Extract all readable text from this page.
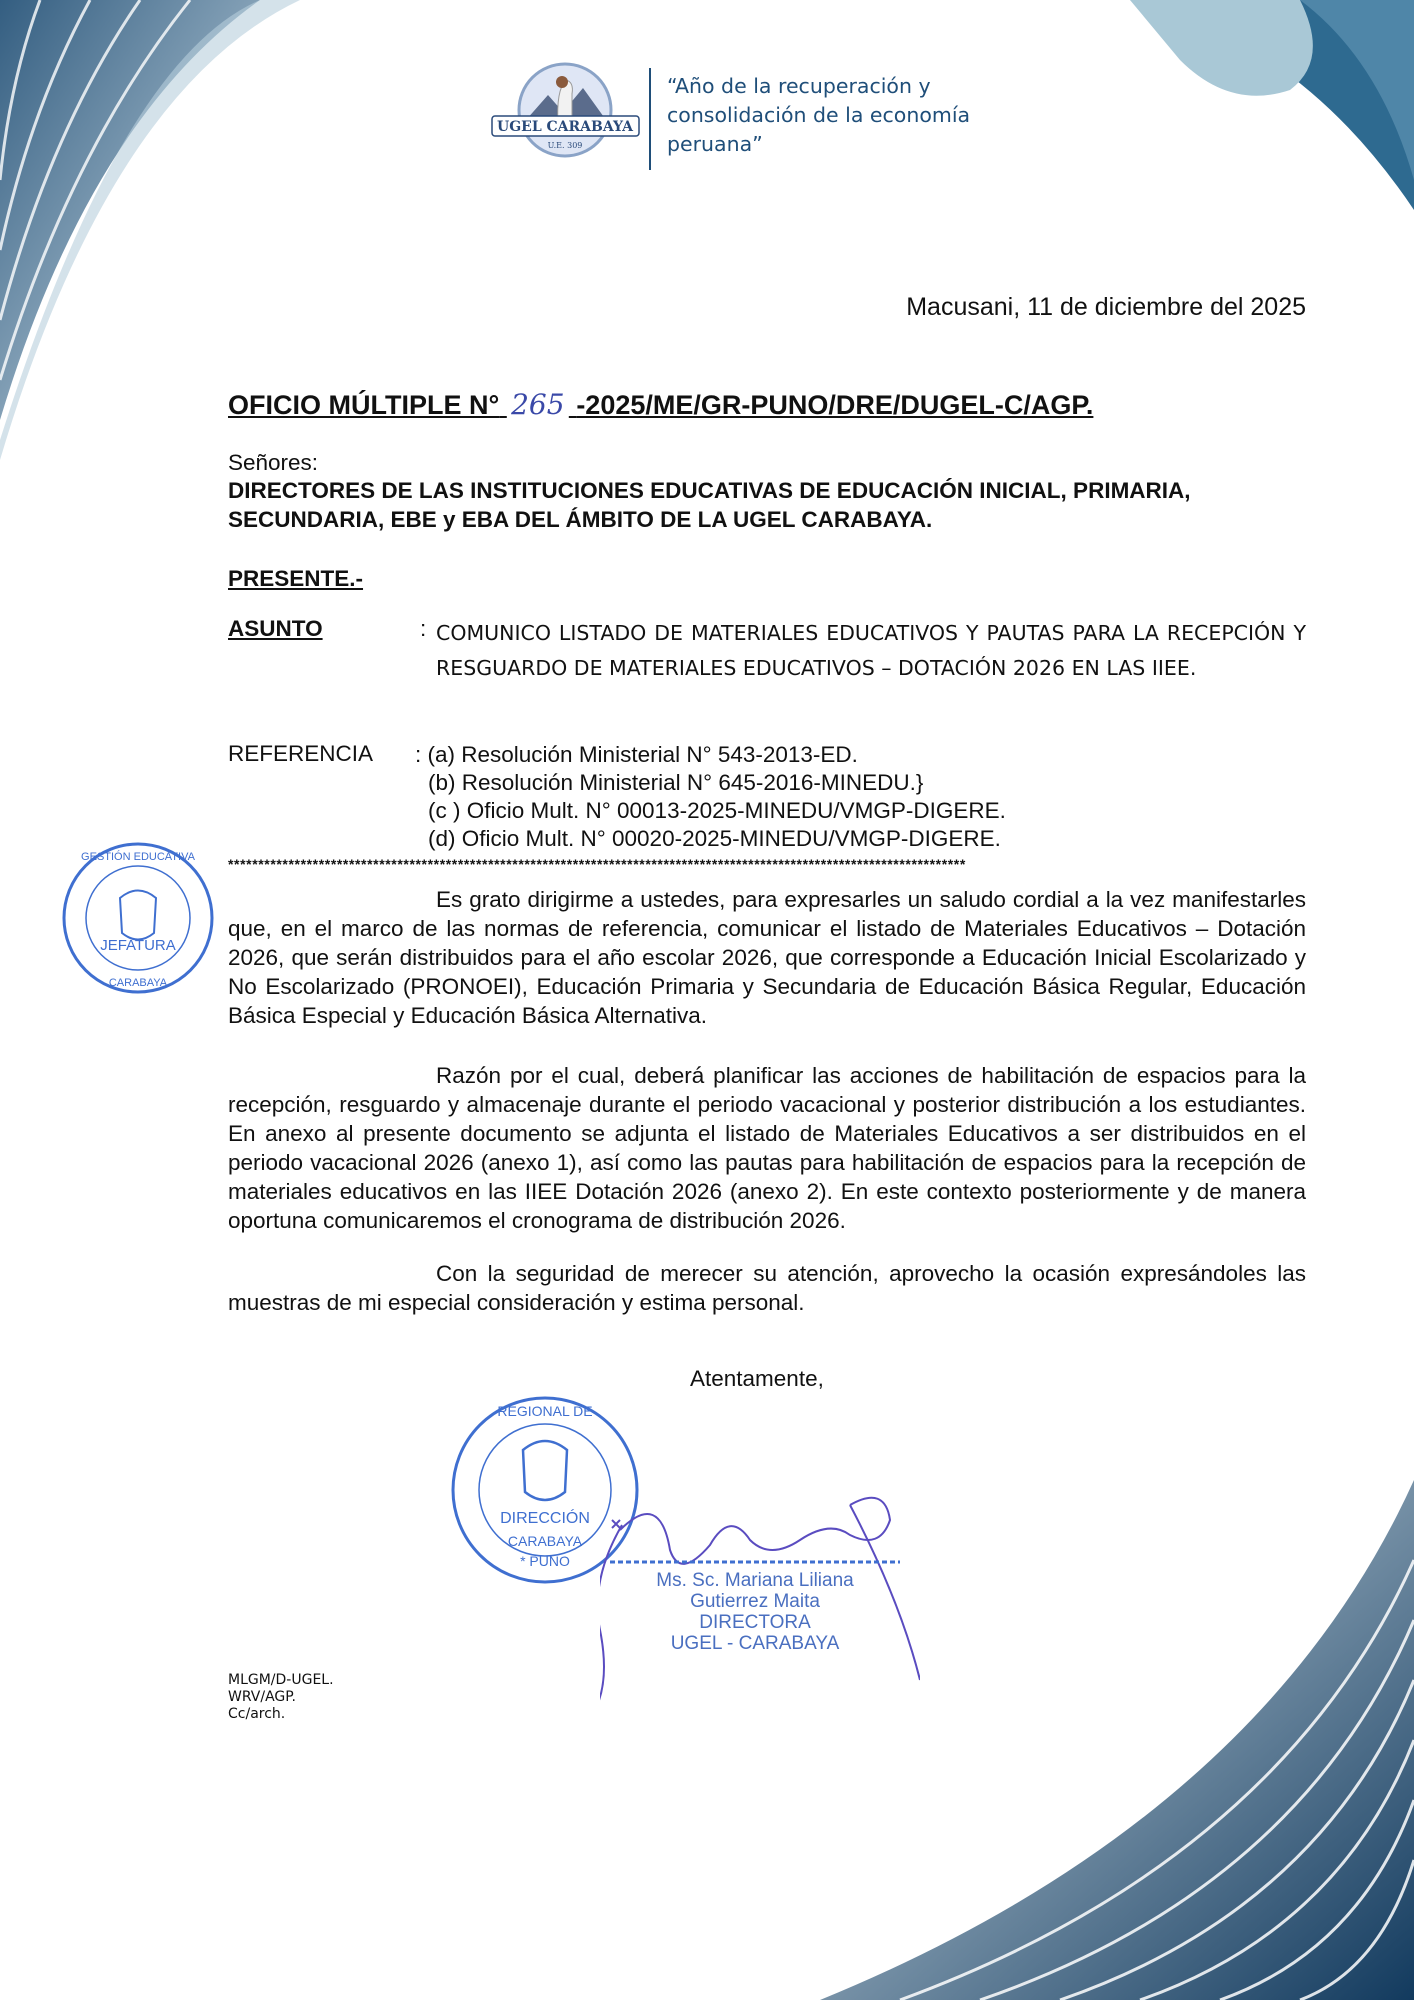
UGEL CARABAYA
U.E. 309
“Año de la recuperación y consolidación de la economía peruana”
Macusani, 11 de diciembre del 2025
OFICIO MÚLTIPLE N° 265 -2025/ME/GR-PUNO/DRE/DUGEL-C/AGP.
Señores:
DIRECTORES DE LAS INSTITUCIONES EDUCATIVAS DE EDUCACIÓN INICIAL, PRIMARIA, SECUNDARIA, EBE y EBA DEL ÁMBITO DE LA UGEL CARABAYA.
PRESENTE.-
ASUNTO	: COMUNICO LISTADO DE MATERIALES EDUCATIVOS Y PAUTAS PARA LA RECEPCIÓN Y RESGUARDO DE MATERIALES EDUCATIVOS – DOTACIÓN 2026 EN LAS IIEE.
REFERENCIA : (a) Resolución Ministerial N° 543-2013-ED.
(b) Resolución Ministerial N° 645-2016-MINEDU.}
(c ) Oficio Mult. N° 00013-2025-MINEDU/VMGP-DIGERE.
(d) Oficio Mult. N° 00020-2025-MINEDU/VMGP-DIGERE.
**************************************************************************************************************************
Es grato dirigirme a ustedes, para expresarles un saludo cordial a la vez manifestarles que, en el marco de las normas de referencia, comunicar el listado de Materiales Educativos – Dotación 2026, que serán distribuidos para el año escolar 2026, que corresponde a Educación Inicial Escolarizado y No Escolarizado (PRONOEI), Educación Primaria y Secundaria de Educación Básica Regular, Educación Básica Especial y Educación Básica Alternativa.
Razón por el cual, deberá planificar las acciones de habilitación de espacios para la recepción, resguardo y almacenaje durante el periodo vacacional y posterior distribución a los estudiantes. En anexo al presente documento se adjunta el listado de Materiales Educativos a ser distribuidos en el periodo vacacional 2026 (anexo 1), así como las pautas para habilitación de espacios para la recepción de materiales educativos en las IIEE Dotación 2026 (anexo 2). En este contexto posteriormente y de manera oportuna comunicaremos el cronograma de distribución 2026.
Con la seguridad de merecer su atención, aprovecho la ocasión expresándoles las muestras de mi especial consideración y estima personal.
Atentamente,
JEFATURA
CARABAYA
GESTIÓN EDUCATIVA
DIRECCIÓN
CARABAYA
* PUNO
REGIONAL DE
Ms. Sc. Mariana Liliana Gutierrez Maita
DIRECTORA
UGEL - CARABAYA
MLGM/D-UGEL.
WRV/AGP.
Cc/arch.
